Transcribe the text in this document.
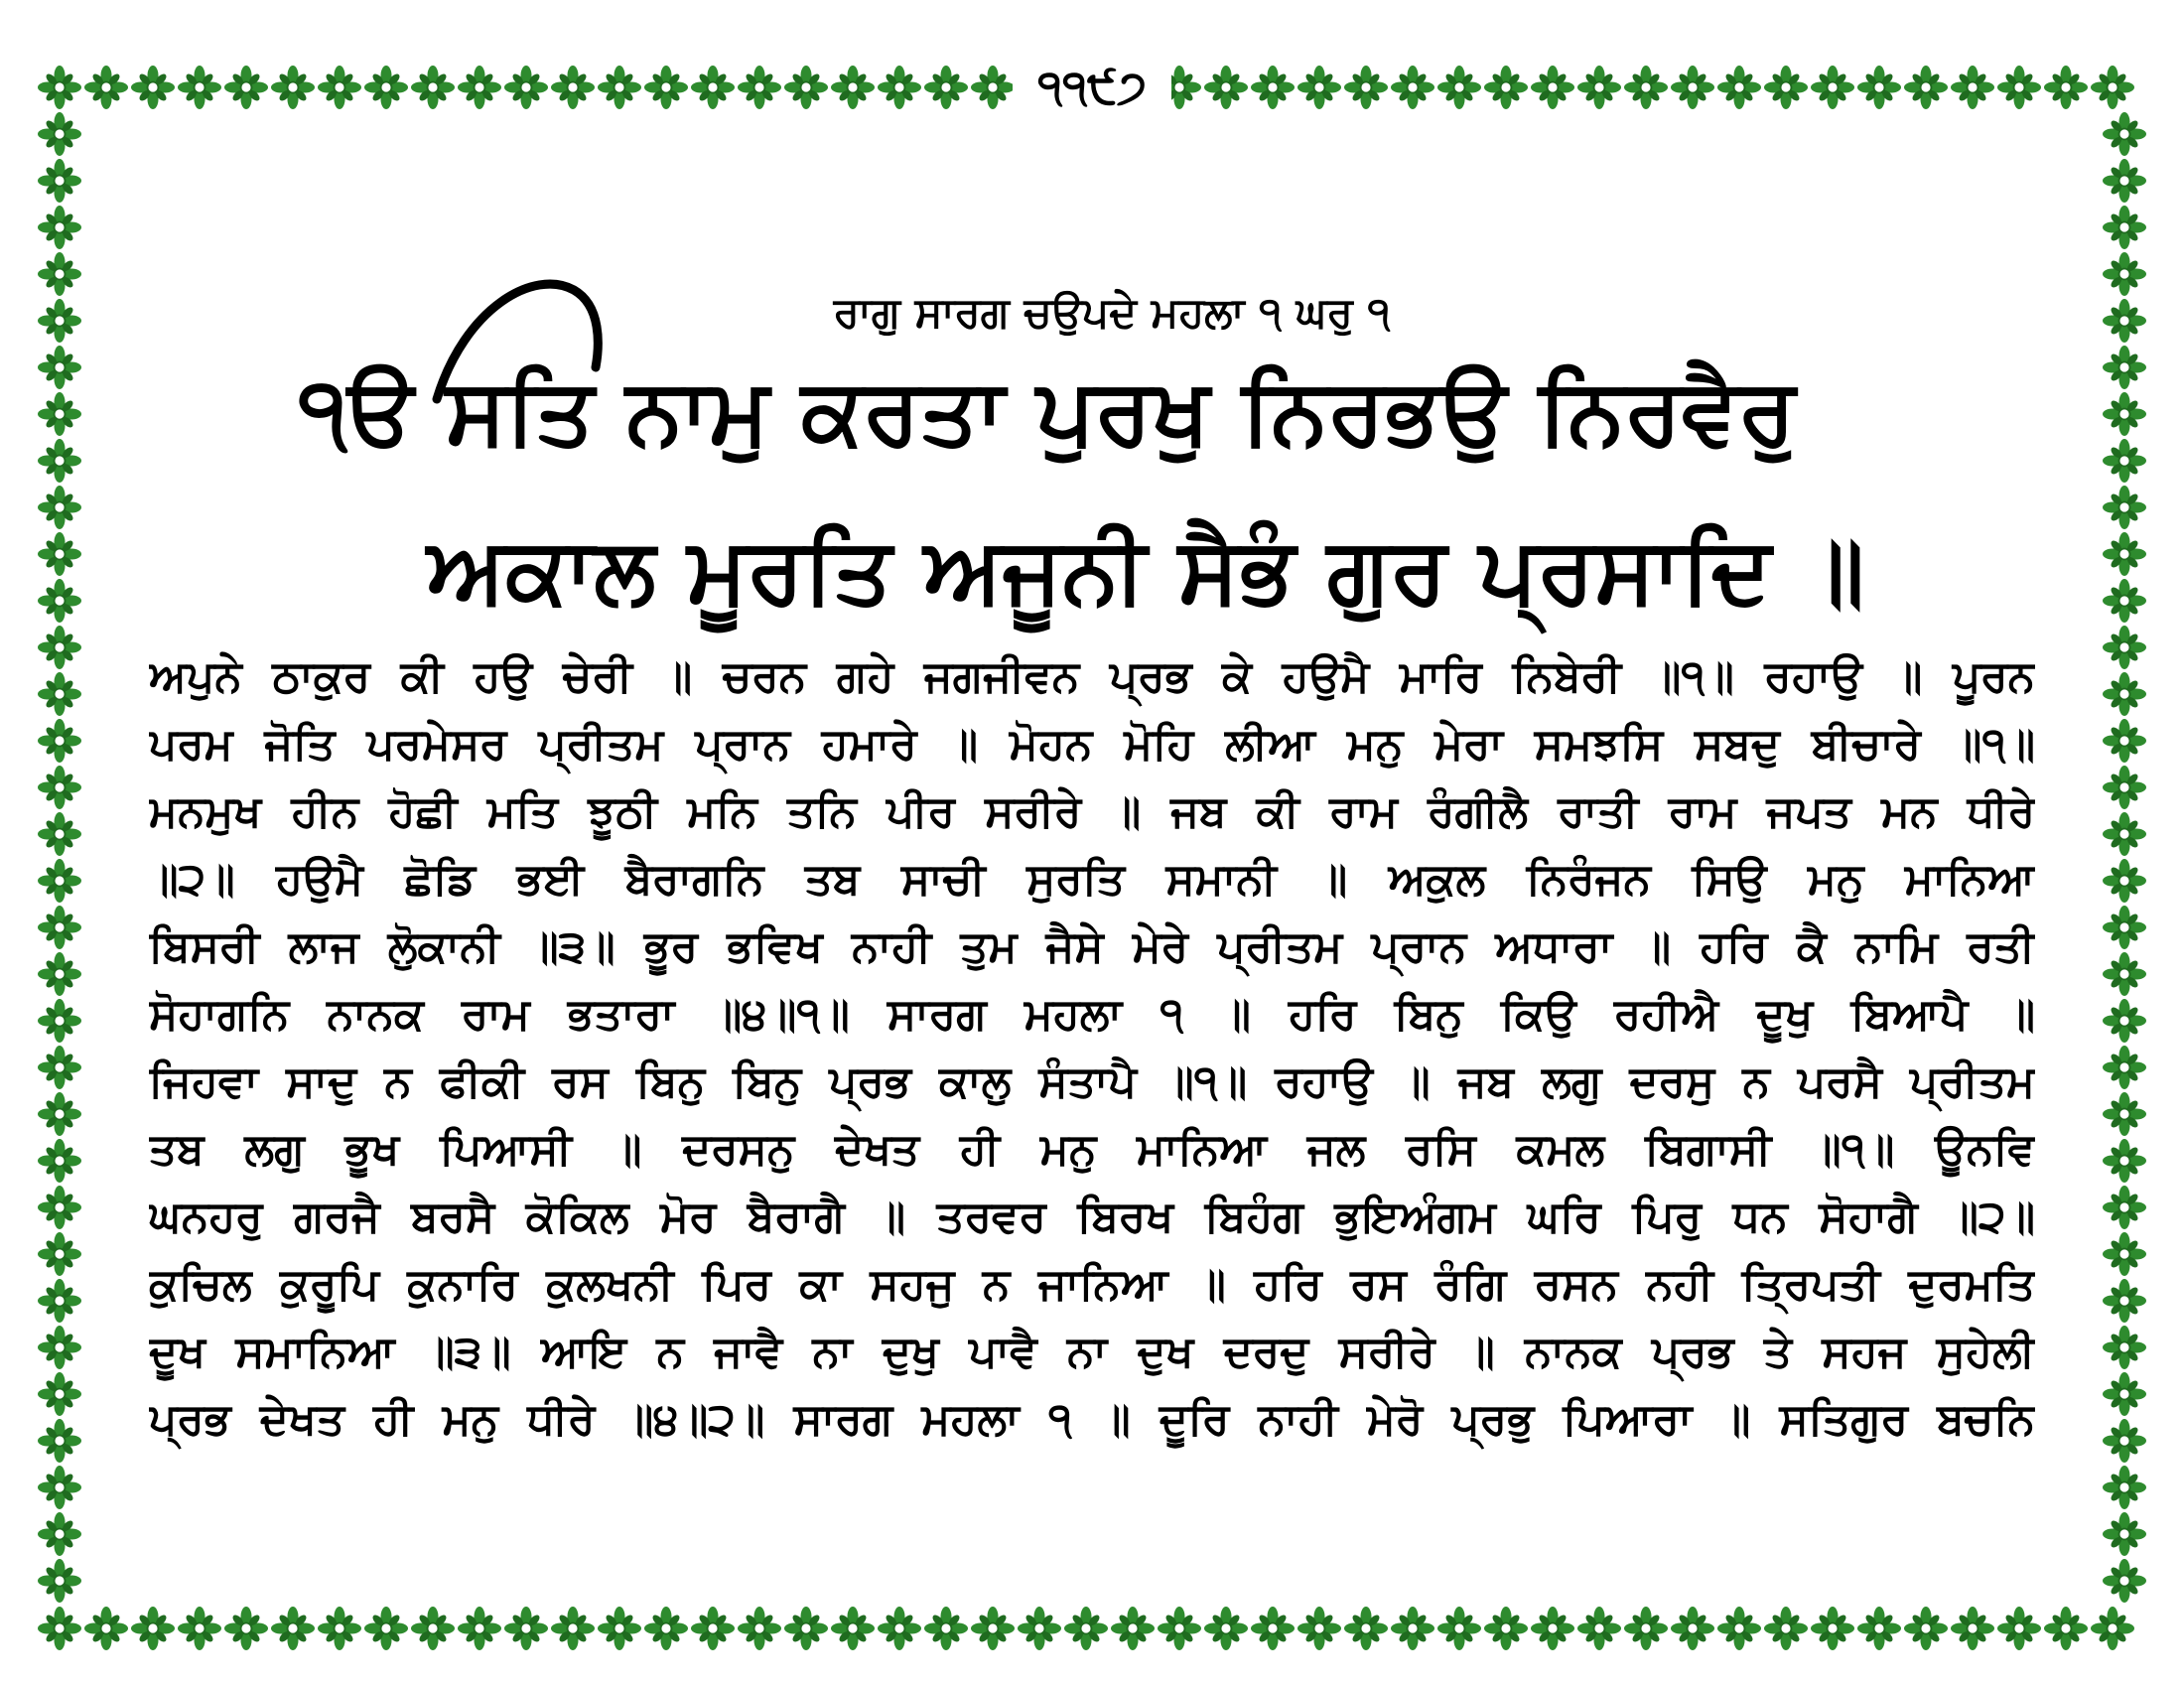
੧੧੯੭
ਰਾਗੁ ਸਾਰਗ ਚਉਪਦੇ ਮਹਲਾ ੧ ਘਰੁ ੧
੧ੳ ਸਤਿ ਨਾਮੁ ਕਰਤਾ ਪੁਰਖੁ ਨਿਰਭਉ ਨਿਰਵੈਰੁ
ਅਕਾਲ ਮੂਰਤਿ ਅਜੂਨੀ ਸੈਭੰ ਗੁਰ ਪ੍ਰਸਾਦਿ ॥
ਅਪੁਨੇ ਠਾਕੁਰ ਕੀ ਹਉ ਚੇਰੀ ॥ ਚਰਨ ਗਹੇ ਜਗਜੀਵਨ ਪ੍ਰਭ ਕੇ ਹਉਮੈ ਮਾਰਿ ਨਿਬੇਰੀ ॥੧॥ ਰਹਾਉ ॥ ਪੂਰਨ
ਪਰਮ ਜੋਤਿ ਪਰਮੇਸਰ ਪ੍ਰੀਤਮ ਪ੍ਰਾਨ ਹਮਾਰੇ ॥ ਮੋਹਨ ਮੋਹਿ ਲੀਆ ਮਨੁ ਮੇਰਾ ਸਮਝਸਿ ਸਬਦੁ ਬੀਚਾਰੇ ॥੧॥
ਮਨਮੁਖ ਹੀਨ ਹੋਛੀ ਮਤਿ ਝੂਠੀ ਮਨਿ ਤਨਿ ਪੀਰ ਸਰੀਰੇ ॥ ਜਬ ਕੀ ਰਾਮ ਰੰਗੀਲੈ ਰਾਤੀ ਰਾਮ ਜਪਤ ਮਨ ਧੀਰੇ
॥੨॥ ਹਉਮੈ ਛੋਡਿ ਭਈ ਬੈਰਾਗਨਿ ਤਬ ਸਾਚੀ ਸੁਰਤਿ ਸਮਾਨੀ ॥ ਅਕੁਲ ਨਿਰੰਜਨ ਸਿਉ ਮਨੁ ਮਾਨਿਆ
ਬਿਸਰੀ ਲਾਜ ਲੋੁਕਾਨੀ ॥੩॥ ਭੂਰ ਭਵਿਖ ਨਾਹੀ ਤੁਮ ਜੈਸੇ ਮੇਰੇ ਪ੍ਰੀਤਮ ਪ੍ਰਾਨ ਅਧਾਰਾ ॥ ਹਰਿ ਕੈ ਨਾਮਿ ਰਤੀ
ਸੋਹਾਗਨਿ ਨਾਨਕ ਰਾਮ ਭਤਾਰਾ ॥੪॥੧॥ ਸਾਰਗ ਮਹਲਾ ੧ ॥ ਹਰਿ ਬਿਨੁ ਕਿਉ ਰਹੀਐ ਦੂਖੁ ਬਿਆਪੈ ॥
ਜਿਹਵਾ ਸਾਦੁ ਨ ਫੀਕੀ ਰਸ ਬਿਨੁ ਬਿਨੁ ਪ੍ਰਭ ਕਾਲੁ ਸੰਤਾਪੈ ॥੧॥ ਰਹਾਉ ॥ ਜਬ ਲਗੁ ਦਰਸੁ ਨ ਪਰਸੈ ਪ੍ਰੀਤਮ
ਤਬ ਲਗੁ ਭੂਖ ਪਿਆਸੀ ॥ ਦਰਸਨੁ ਦੇਖਤ ਹੀ ਮਨੁ ਮਾਨਿਆ ਜਲ ਰਸਿ ਕਮਲ ਬਿਗਾਸੀ ॥੧॥ ਊਨਵਿ
ਘਨਹਰੁ ਗਰਜੈ ਬਰਸੈ ਕੋਕਿਲ ਮੋਰ ਬੈਰਾਗੈ ॥ ਤਰਵਰ ਬਿਰਖ ਬਿਹੰਗ ਭੁਇਅੰਗਮ ਘਰਿ ਪਿਰੁ ਧਨ ਸੋਹਾਗੈ ॥੨॥
ਕੁਚਿਲ ਕੁਰੂਪਿ ਕੁਨਾਰਿ ਕੁਲਖਨੀ ਪਿਰ ਕਾ ਸਹਜੁ ਨ ਜਾਨਿਆ ॥ ਹਰਿ ਰਸ ਰੰਗਿ ਰਸਨ ਨਹੀ ਤ੍ਰਿਪਤੀ ਦੁਰਮਤਿ
ਦੂਖ ਸਮਾਨਿਆ ॥੩॥ ਆਇ ਨ ਜਾਵੈ ਨਾ ਦੁਖੁ ਪਾਵੈ ਨਾ ਦੁਖ ਦਰਦੁ ਸਰੀਰੇ ॥ ਨਾਨਕ ਪ੍ਰਭ ਤੇ ਸਹਜ ਸੁਹੇਲੀ
ਪ੍ਰਭ ਦੇਖਤ ਹੀ ਮਨੁ ਧੀਰੇ ॥੪॥੨॥ ਸਾਰਗ ਮਹਲਾ ੧ ॥ ਦੂਰਿ ਨਾਹੀ ਮੇਰੋ ਪ੍ਰਭੁ ਪਿਆਰਾ ॥ ਸਤਿਗੁਰ ਬਚਨਿ
